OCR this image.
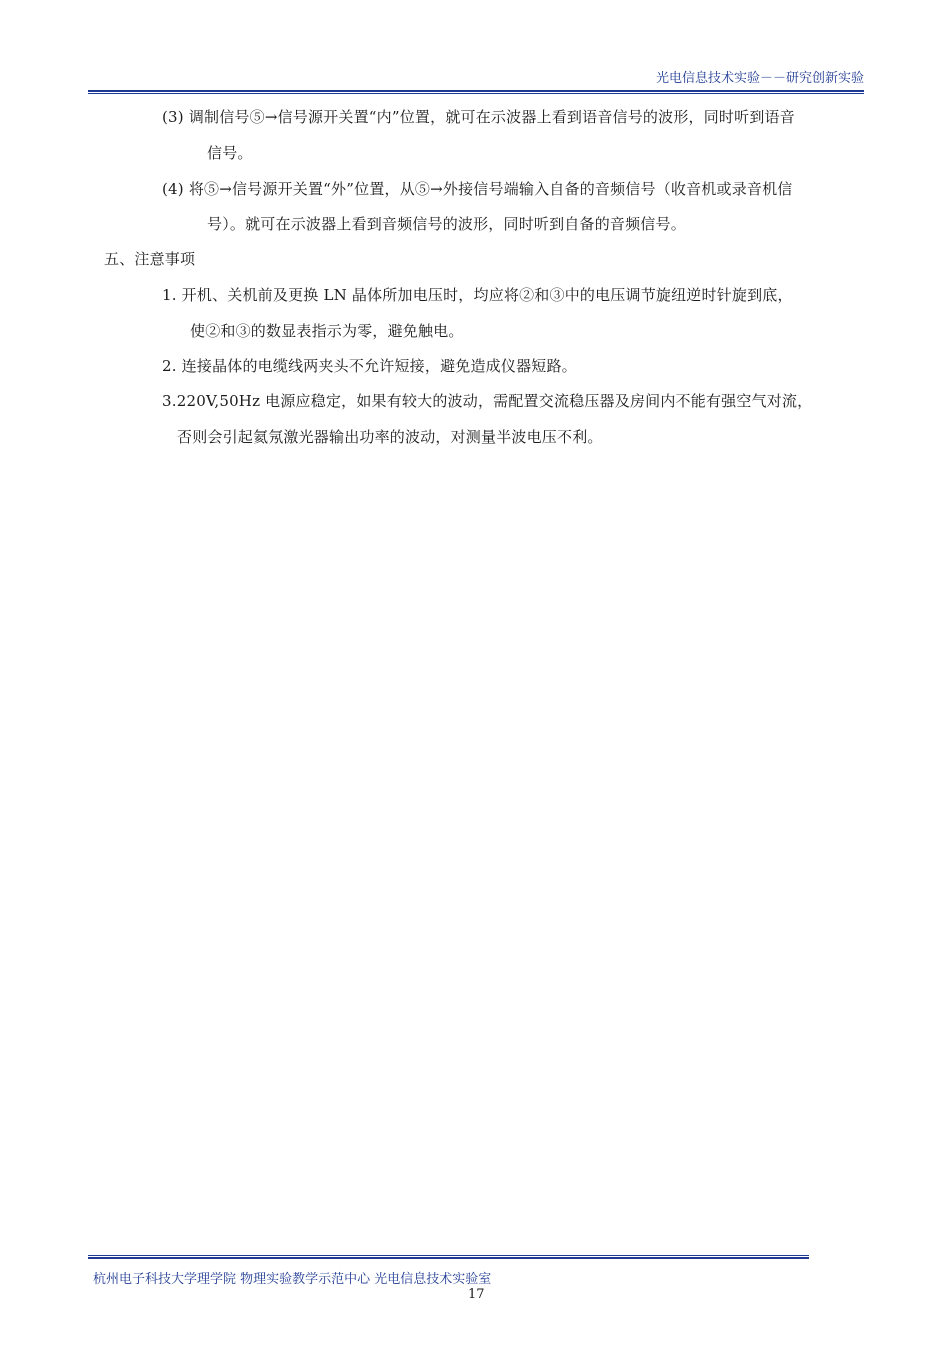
光电信息技术实验－－研究创新实验
(3) 调制信号⑤→信号源开关置“内”位置，就可在示波器上看到语音信号的波形，同时听到语音
信号。
(4) 将⑤→信号源开关置“外”位置，从⑤→外接信号端输入自备的音频信号（收音机或录音机信
号）。就可在示波器上看到音频信号的波形，同时听到自备的音频信号。
五、注意事项
1. 开机、关机前及更换 LN 晶体所加电压时，均应将②和③中的电压调节旋纽逆时针旋到底，
使②和③的数显表指示为零，避免触电。
2. 连接晶体的电缆线两夹头不允许短接，避免造成仪器短路。
3.220V,50Hz 电源应稳定，如果有较大的波动，需配置交流稳压器及房间内不能有强空气对流，
否则会引起氦氖激光器输出功率的波动，对测量半波电压不利。
杭州电子科技大学理学院 物理实验教学示范中心 光电信息技术实验室
17
